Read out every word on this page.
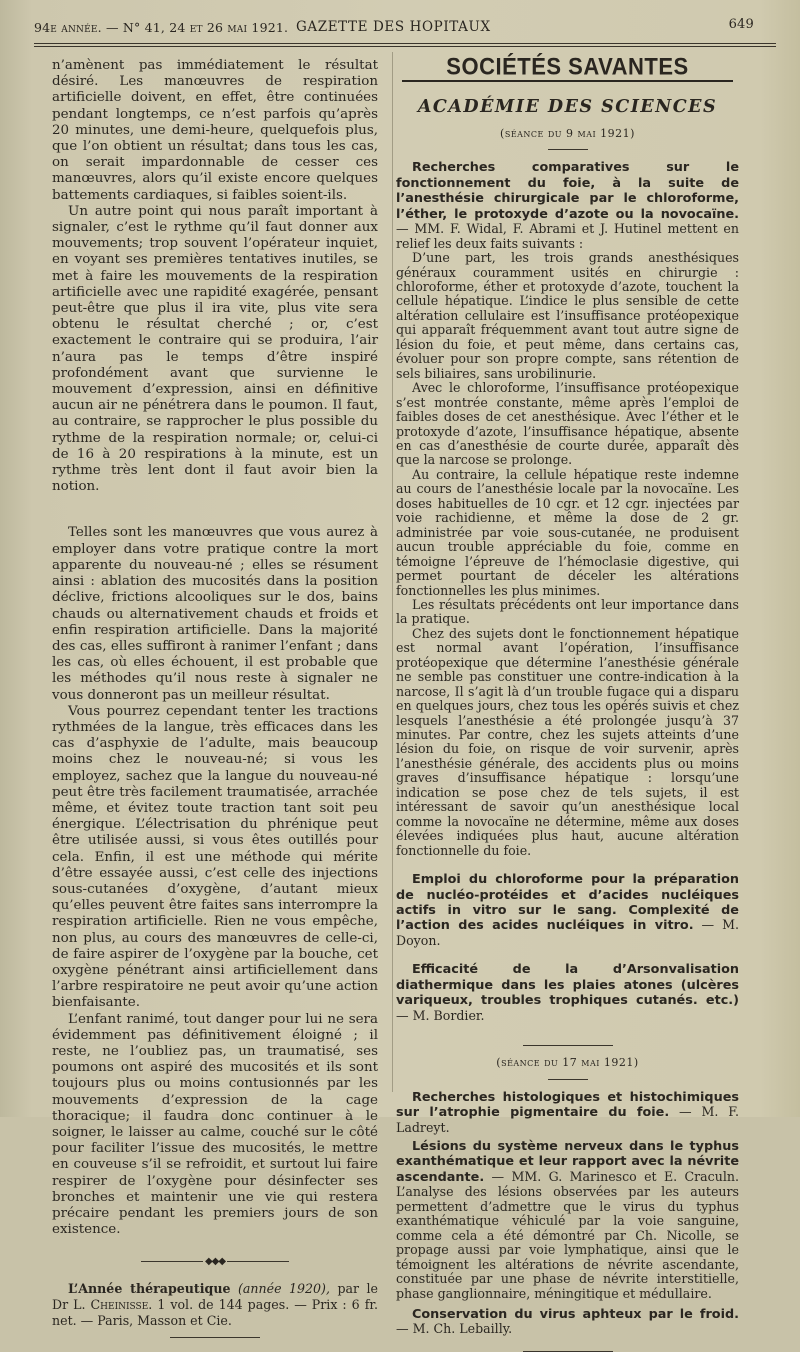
94e année. — N° 41, 24 et 26 mai 1921. GAZETTE DES HOPITAUX	649

n’amènent pas immédiatement le résultat désiré. Les manœuvres de respiration artificielle doivent, en effet, être continuées pendant longtemps, ce n’est parfois qu’après 20 minutes, une demi-heure, quelquefois plus, que l’on obtient un résultat; dans tous les cas, on serait impardonnable de cesser ces manœuvres, alors qu’il existe encore quelques battements cardiaques, si faibles soient-ils.

Un autre point qui nous paraît important à signaler, c’est le rythme qu’il faut donner aux mouvements; trop souvent l’opérateur inquiet, en voyant ses premières tentatives inutiles, se met à faire les mouvements de la respiration artificielle avec une rapidité exagérée, pensant peut-être que plus il ira vite, plus vite sera obtenu le résultat cherché ; or, c’est exactement le contraire qui se produira, l’air n’aura pas le temps d’être inspiré profondément avant que survienne le mouvement d’expression, ainsi en définitive aucun air ne pénétrera dans le poumon. Il faut, au contraire, se rapprocher le plus possible du rythme de la respiration normale; or, celui-ci de 16 à 20 respirations à la minute, est un rythme très lent dont il faut avoir bien la notion.

Telles sont les manœuvres que vous aurez à employer dans votre pratique contre la mort apparente du nouveau-né ; elles se résument ainsi : ablation des mucosités dans la position déclive, frictions alcooliques sur le dos, bains chauds ou alternativement chauds et froids et enfin respiration artificielle. Dans la majorité des cas, elles suffiront à ranimer l’enfant ; dans les cas, où elles échouent, il est probable que les méthodes qu’il nous reste à signaler ne vous donneront pas un meilleur résultat.

Vous pourrez cependant tenter les tractions rythmées de la langue, très efficaces dans les cas d’asphyxie de l’adulte, mais beaucoup moins chez le nouveau-né; si vous les employez, sachez que la langue du nouveau-né peut être très facilement traumatisée, arrachée même, et évitez toute traction tant soit peu énergique. L’électrisation du phrénique peut être utilisée aussi, si vous êtes outillés pour cela. Enfin, il est une méthode qui mérite d’être essayée aussi, c’est celle des injections sous-cutanées d’oxygène, d’autant mieux qu’elles peuvent être faites sans interrompre la respiration artificielle. Rien ne vous empêche, non plus, au cours des manœuvres de celle-ci, de faire aspirer de l’oxygène par la bouche, cet oxygène pénétrant ainsi artificiellement dans l’arbre respiratoire ne peut avoir qu’une action bienfaisante.

L’enfant ranimé, tout danger pour lui ne sera évidemment pas définitivement éloigné ; il reste, ne l’oubliez pas, un traumatisé, ses poumons ont aspiré des mucosités et ils sont toujours plus ou moins contusionnés par les mouvements d’expression de la cage thoracique; il faudra donc continuer à le soigner, le laisser au calme, couché sur le côté pour faciliter l’issue des mucosités, le mettre en couveuse s’il se refroidit, et surtout lui faire respirer de l’oxygène pour désinfecter ses bronches et maintenir une vie qui restera précaire pendant les premiers jours de son existence.

◆◆◆

L’Année thérapeutique (année 1920), par le Dr L. Cheinisse. 1 vol. de 144 pages. — Prix : 6 fr. net. — Paris, Masson et Cie.

SOCIÉTÉS SAVANTES
ACADÉMIE DES SCIENCES
(séance du 9 mai 1921)

Recherches comparatives sur le fonctionnement du foie, à la suite de l’anesthésie chirurgicale par le chloroforme, l’éther, le protoxyde d’azote ou la novocaïne. — MM. F. Widal, F. Abrami et J. Hutinel mettent en relief les deux faits suivants :

D’une part, les trois grands anesthésiques généraux couramment usités en chirurgie : chloroforme, éther et protoxyde d’azote, touchent la cellule hépatique. L’indice le plus sensible de cette altération cellulaire est l’insuffisance protéopexique qui apparaît fréquemment avant tout autre signe de lésion du foie, et peut même, dans certains cas, évoluer pour son propre compte, sans rétention de sels biliaires, sans urobilinurie.

Avec le chloroforme, l’insuffisance protéopexique s’est montrée constante, même après l’emploi de faibles doses de cet anesthésique. Avec l’éther et le protoxyde d’azote, l’insuffisance hépatique, absente en cas d’anesthésie de courte durée, apparaît dès que la narcose se prolonge.

Au contraire, la cellule hépatique reste indemne au cours de l’anesthésie locale par la novocaïne. Les doses habituelles de 10 cgr. et 12 cgr. injectées par voie rachidienne, et même la dose de 2 gr. administrée par voie sous-cutanée, ne produisent aucun trouble appréciable du foie, comme en témoigne l’épreuve de l’hémoclasie digestive, qui permet pourtant de déceler les altérations fonctionnelles les plus minimes.

Les résultats précédents ont leur importance dans la pratique.

Chez des sujets dont le fonctionnement hépatique est normal avant l’opération, l’insuffisance protéopexique que détermine l’anesthésie générale ne semble pas constituer une contre-indication à la narcose, Il s’agit là d’un trouble fugace qui a disparu en quelques jours, chez tous les opérés suivis et chez lesquels l’anesthésie a été prolongée jusqu’à 37 minutes. Par contre, chez les sujets atteints d’une lésion du foie, on risque de voir survenir, après l’anesthésie générale, des accidents plus ou moins graves d’insuffisance hépatique : lorsqu’une indication se pose chez de tels sujets, il est intéressant de savoir qu’un anesthésique local comme la novocaïne ne détermine, même aux doses élevées indiquées plus haut, aucune altération fonctionnelle du foie.

Emploi du chloroforme pour la préparation de nucléo-protéides et d’acides nucléiques actifs in vitro sur le sang. Complexité de l’action des acides nucléiques in vitro. — M. Doyon.

Efficacité de la d’Arsonvalisation diathermique dans les plaies atones (ulcères variqueux, troubles trophiques cutanés. etc.) — M. Bordier.

(séance du 17 mai 1921)

Recherches histologiques et histochimiques sur l’atrophie pigmentaire du foie. — M. F. Ladreyt.

Lésions du système nerveux dans le typhus exanthématique et leur rapport avec la névrite ascendante. — MM. G. Marinesco et E. Craculn. L’analyse des lésions observées par les auteurs permettent d’admettre que le virus du typhus exanthématique véhiculé par la voie sanguine, comme cela a été démontré par Ch. Nicolle, se propage aussi par voie lymphatique, ainsi que le témoignent les altérations de névrite ascendante, constituée par une phase de névrite interstitielle, phase ganglionnaire, méningitique et médullaire.

Conservation du virus aphteux par le froid. — M. Ch. Lebailly.
